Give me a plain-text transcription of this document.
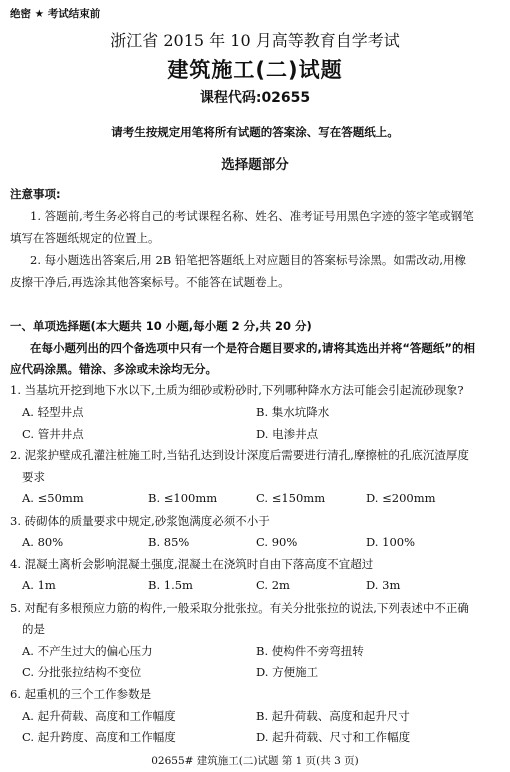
绝密 ★ 考试结束前
浙江省 2015 年 10 月高等教育自学考试
建筑施工(二)试题
课程代码:02655
请考生按规定用笔将所有试题的答案涂、写在答题纸上。
选择题部分
注意事项:
1. 答题前,考生务必将自己的考试课程名称、姓名、准考证号用黑色字迹的签字笔或钢笔
填写在答题纸规定的位置上。
2. 每小题选出答案后,用 2B 铅笔把答题纸上对应题目的答案标号涂黑。如需改动,用橡
皮擦干净后,再选涂其他答案标号。不能答在试题卷上。
一、单项选择题(本大题共 10 小题,每小题 2 分,共 20 分)
在每小题列出的四个备选项中只有一个是符合题目要求的,请将其选出并将“答题纸”的相
应代码涂黑。错涂、多涂或未涂均无分。
1. 当基坑开挖到地下水以下,土质为细砂或粉砂时,下列哪种降水方法可能会引起流砂现象?
A. 轻型井点	B. 集水坑降水
C. 管井井点	D. 电渗井点
2. 泥浆护壁成孔灌注桩施工时,当钻孔达到设计深度后需要进行清孔,摩擦桩的孔底沉渣厚度
要求
A. ≤50mm	B. ≤100mm	C. ≤150mm	D. ≤200mm
3. 砖砌体的质量要求中规定,砂浆饱满度必须不小于
A. 80%	B. 85%	C. 90%	D. 100%
4. 混凝土离析会影响混凝土强度,混凝土在浇筑时自由下落高度不宜超过
A. 1m	B. 1.5m	C. 2m	D. 3m
5. 对配有多根预应力筋的构件,一般采取分批张拉。有关分批张拉的说法,下列表述中不正确
的是
A. 不产生过大的偏心压力	B. 使构件不旁弯扭转
C. 分批张拉结构不变位	D. 方便施工
6. 起重机的三个工作参数是
A. 起升荷载、高度和工作幅度	B. 起升荷载、高度和起升尺寸
C. 起升跨度、高度和工作幅度	D. 起升荷载、尺寸和工作幅度
02655# 建筑施工(二)试题 第 1 页(共 3 页)
